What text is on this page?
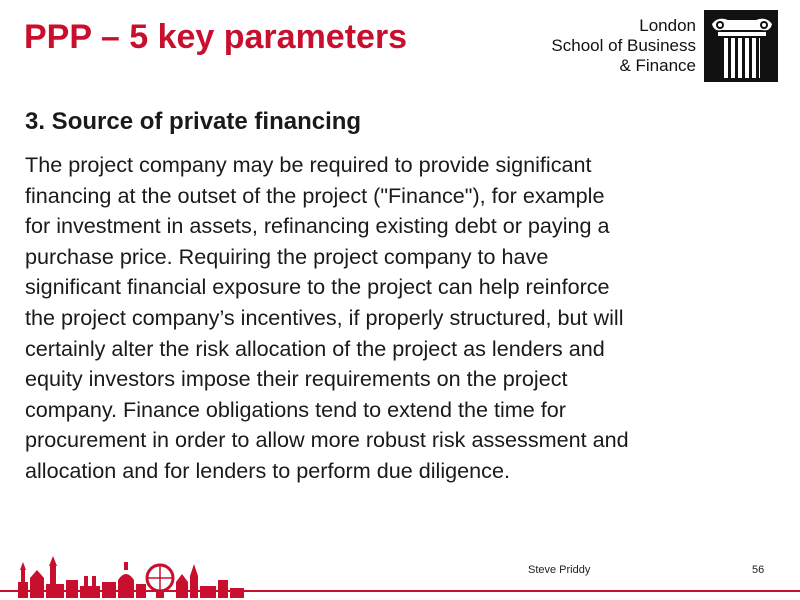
PPP – 5 key parameters	London
School of Business
& Finance
3. Source of private financing
The project company may be required to provide significant
financing at the outset of the project ("Finance"), for example
for investment in assets, refinancing existing debt or paying a
purchase price. Requiring the project company to have
significant financial exposure to the project can help reinforce
the project company’s incentives, if properly structured, but will
certainly alter the risk allocation of the project as lenders and
equity investors impose their requirements on the project
company. Finance obligations tend to extend the time for
procurement in order to allow more robust risk assessment and
allocation and for lenders to perform due diligence.
Steve Priddy	56
